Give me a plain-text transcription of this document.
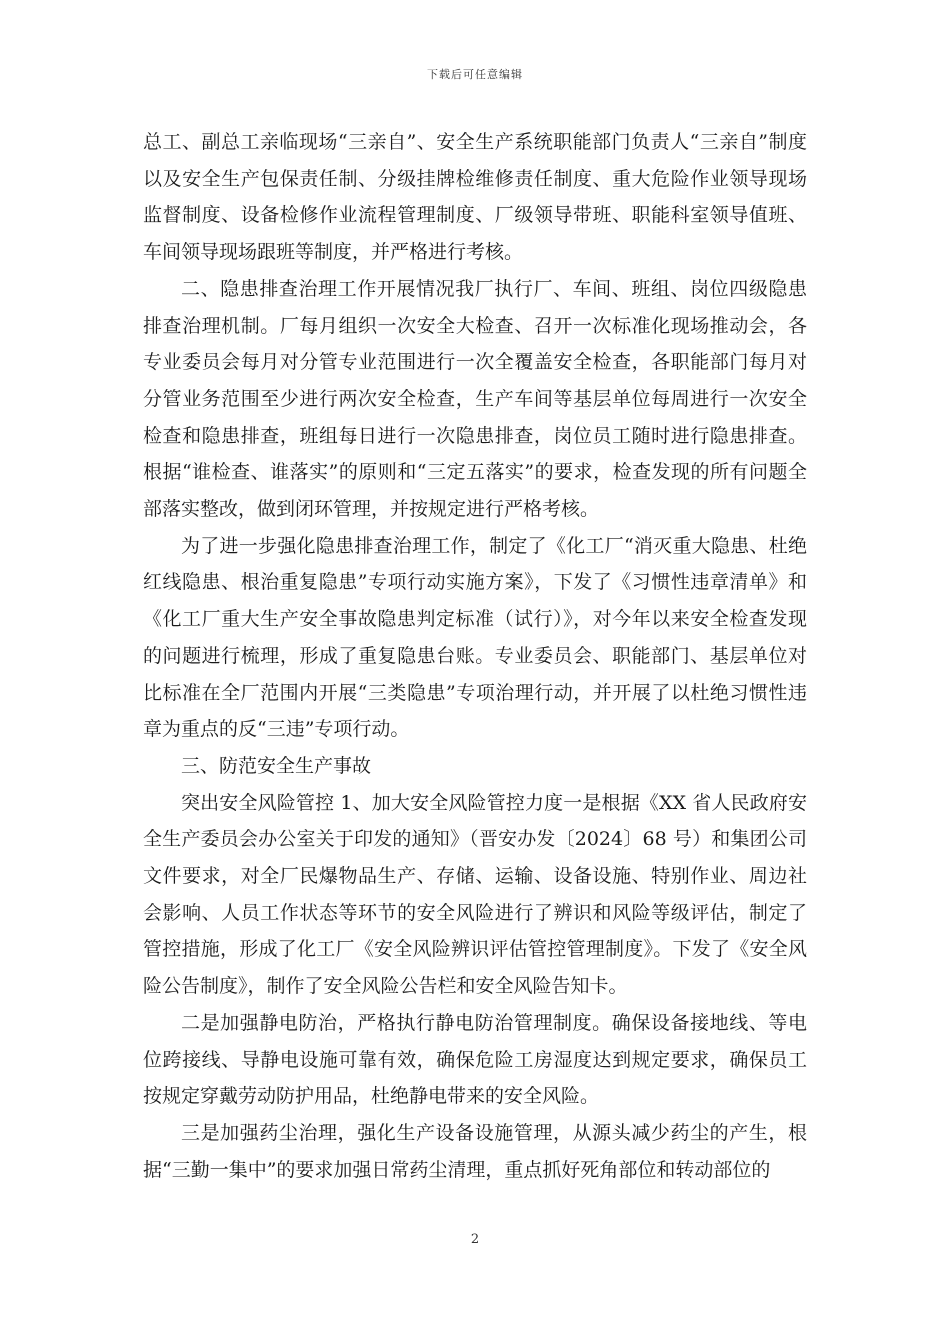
下载后可任意编辑

总工、副总工亲临现场“三亲自”、安全生产系统职能部门负责人“三亲自”制度以及安全生产包保责任制、分级挂牌检维修责任制度、重大危险作业领导现场监督制度、设备检修作业流程管理制度、厂级领导带班、职能科室领导值班、车间领导现场跟班等制度，并严格进行考核。

二、隐患排查治理工作开展情况我厂执行厂、车间、班组、岗位四级隐患排查治理机制。厂每月组织一次安全大检查、召开一次标准化现场推动会，各专业委员会每月对分管专业范围进行一次全覆盖安全检查，各职能部门每月对分管业务范围至少进行两次安全检查，生产车间等基层单位每周进行一次安全检查和隐患排查，班组每日进行一次隐患排查，岗位员工随时进行隐患排查。根据“谁检查、谁落实”的原则和“三定五落实”的要求，检查发现的所有问题全部落实整改，做到闭环管理，并按规定进行严格考核。

为了进一步强化隐患排查治理工作，制定了《化工厂“消灭重大隐患、杜绝红线隐患、根治重复隐患”专项行动实施方案》，下发了《习惯性违章清单》和《化工厂重大生产安全事故隐患判定标准（试行）》，对今年以来安全检查发现的问题进行梳理，形成了重复隐患台账。专业委员会、职能部门、基层单位对比标准在全厂范围内开展“三类隐患”专项治理行动，并开展了以杜绝习惯性违章为重点的反“三违”专项行动。

三、防范安全生产事故

突出安全风险管控 1、加大安全风险管控力度一是根据《XX 省人民政府安全生产委员会办公室关于印发的通知》（晋安办发〔2024〕68 号）和集团公司文件要求，对全厂民爆物品生产、存储、运输、设备设施、特别作业、周边社会影响、人员工作状态等环节的安全风险进行了辨识和风险等级评估，制定了管控措施，形成了化工厂《安全风险辨识评估管控管理制度》。下发了《安全风险公告制度》，制作了安全风险公告栏和安全风险告知卡。

二是加强静电防治，严格执行静电防治管理制度。确保设备接地线、等电位跨接线、导静电设施可靠有效，确保危险工房湿度达到规定要求，确保员工按规定穿戴劳动防护用品，杜绝静电带来的安全风险。

三是加强药尘治理，强化生产设备设施管理，从源头减少药尘的产生，根据“三勤一集中”的要求加强日常药尘清理，重点抓好死角部位和转动部位的

2
